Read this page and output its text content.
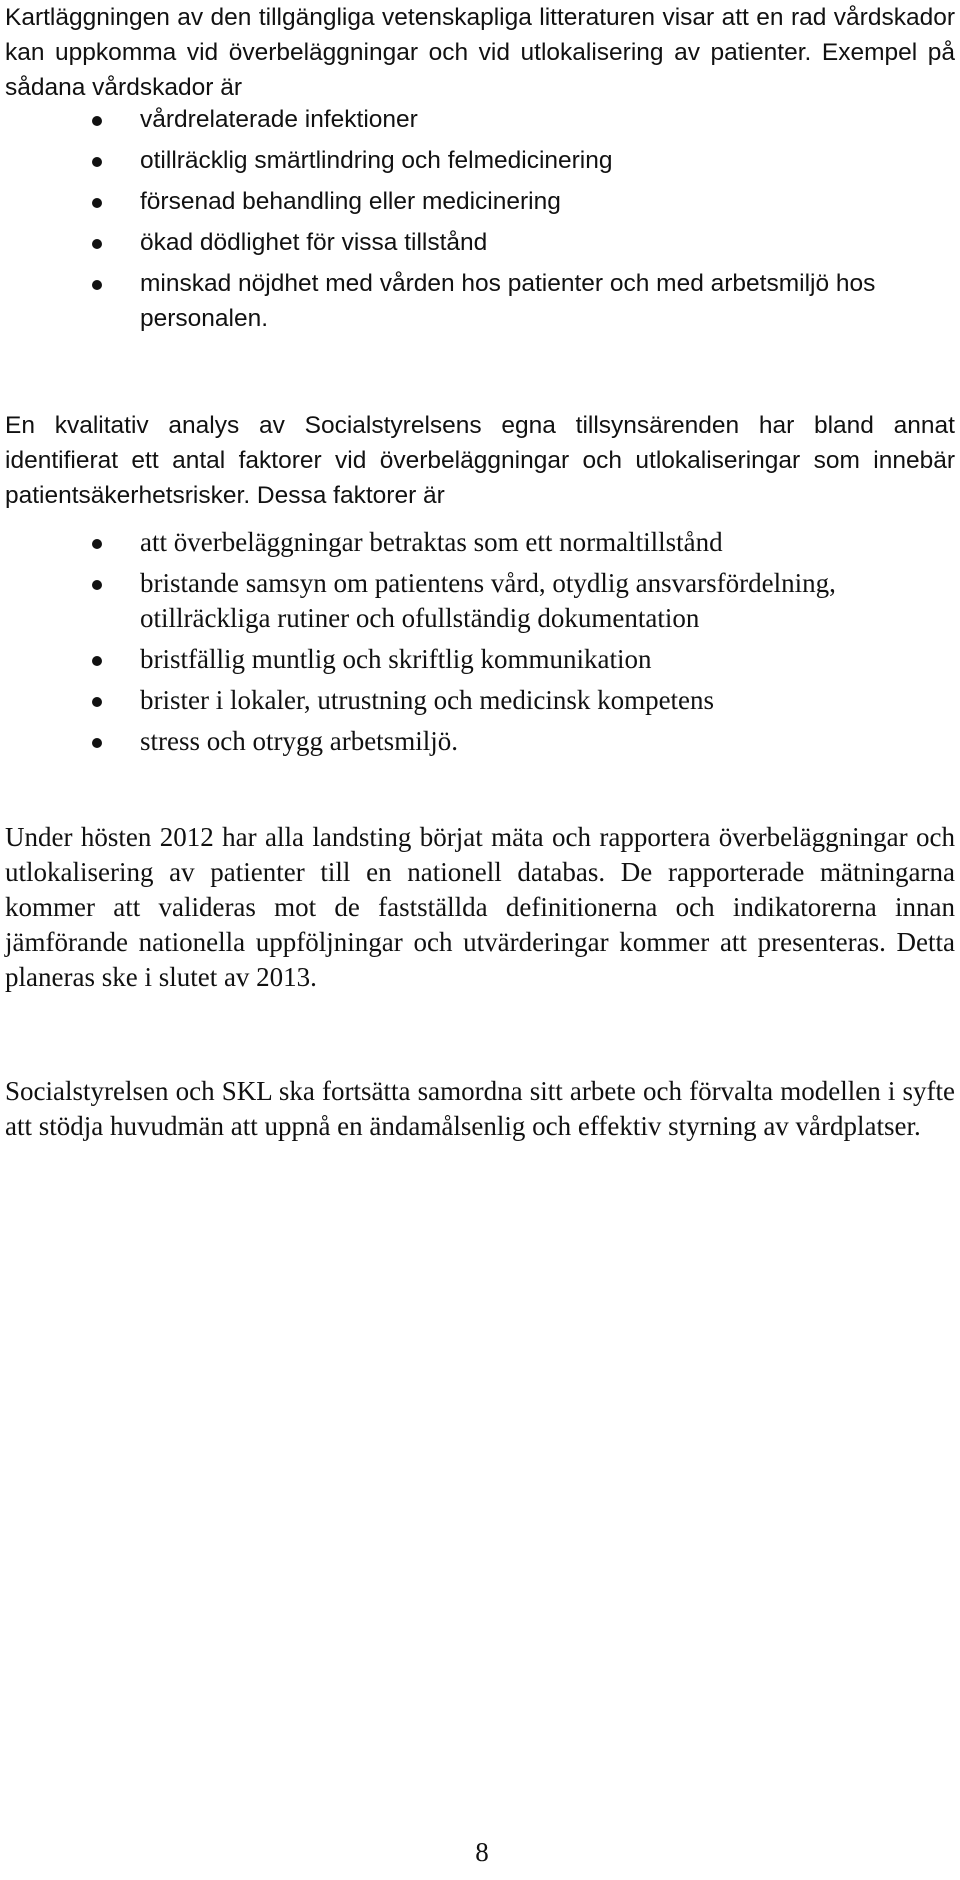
Kartläggningen av den tillgängliga vetenskapliga litteraturen visar att en rad vårdskador kan uppkomma vid överbeläggningar och vid utlokalisering av patienter. Exempel på sådana vårdskador är

vårdrelaterade infektioner
otillräcklig smärtlindring och felmedicinering
försenad behandling eller medicinering
ökad dödlighet för vissa tillstånd
minskad nöjdhet med vården hos patienter och med arbetsmiljö hos personalen.

En kvalitativ analys av Socialstyrelsens egna tillsynsärenden har bland annat identifierat ett antal faktorer vid överbeläggningar och utlokaliseringar som innebär patientsäkerhetsrisker. Dessa faktorer är

att överbeläggningar betraktas som ett normaltillstånd
bristande samsyn om patientens vård, otydlig ansvarsfördelning, otillräckliga rutiner och ofullständig dokumentation
bristfällig muntlig och skriftlig kommunikation
brister i lokaler, utrustning och medicinsk kompetens
stress och otrygg arbetsmiljö.

Under hösten 2012 har alla landsting börjat mäta och rapportera överbeläggningar och utlokalisering av patienter till en nationell databas. De rapporterade mätningarna kommer att valideras mot de fastställda definitionerna och indikatorerna innan jämförande nationella uppföljningar och utvärderingar kommer att presenteras. Detta planeras ske i slutet av 2013.

Socialstyrelsen och SKL ska fortsätta samordna sitt arbete och förvalta modellen i syfte att stödja huvudmän att uppnå en ändamålsenlig och effektiv styrning av vårdplatser.

8
